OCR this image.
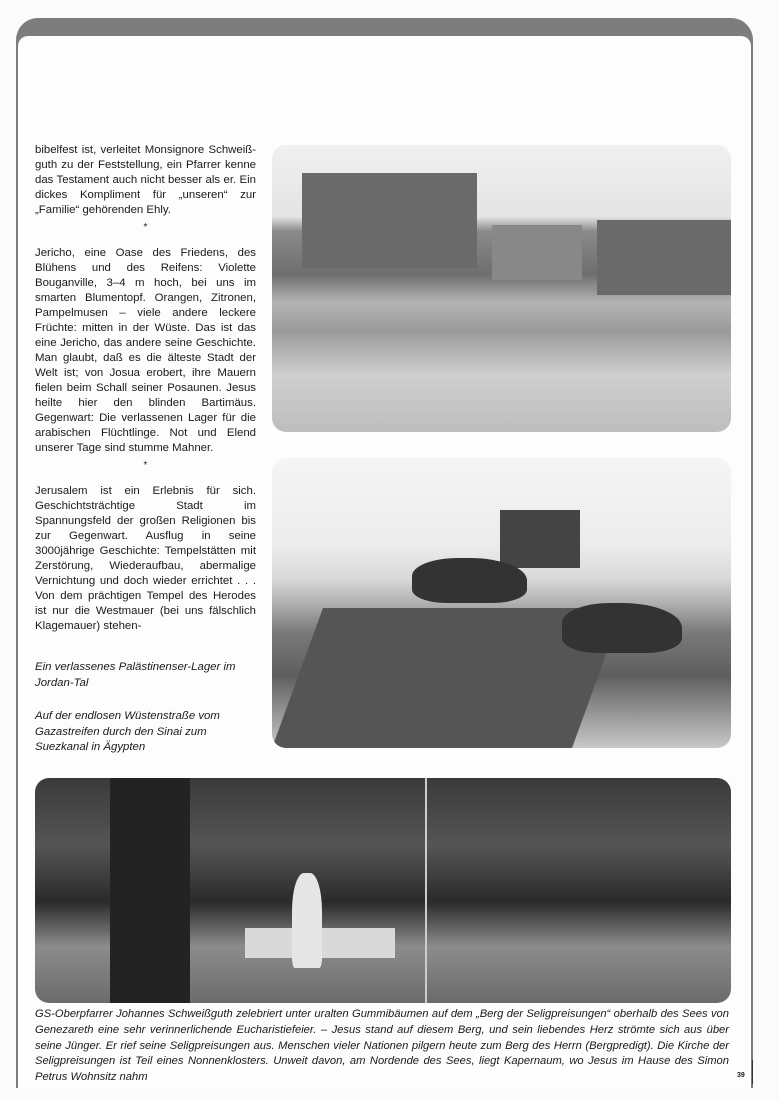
bibelfest ist, verleitet Monsignore Schweiß-guth zu der Feststellung, ein Pfarrer kenne das Testament auch nicht besser als er. Ein dickes Kompliment für „unseren“ zur „Familie“ gehörenden Ehly.

*

Jericho, eine Oase des Friedens, des Blühens und des Reifens: Violette Bouganville, 3–4 m hoch, bei uns im smarten Blumentopf. Orangen, Zitronen, Pampelmusen – viele andere leckere Früchte: mitten in der Wüste. Das ist das eine Jericho, das andere seine Geschichte. Man glaubt, daß es die älteste Stadt der Welt ist; von Josua erobert, ihre Mauern fielen beim Schall seiner Posaunen. Jesus heilte hier den blinden Bartimäus. Gegenwart: Die verlassenen Lager für die arabischen Flüchtlinge. Not und Elend unserer Tage sind stumme Mahner.

*

Jerusalem ist ein Erlebnis für sich. Geschichtsträchtige Stadt im Spannungsfeld der großen Religionen bis zur Gegenwart. Ausflug in seine 3000jährige Geschichte: Tempelstätten mit Zerstörung, Wiederaufbau, abermalige Vernichtung und doch wieder errichtet . . . Von dem prächtigen Tempel des Herodes ist nur die Westmauer (bei uns fälschlich Klagemauer) stehen-

Ein verlassenes Palästinenser-Lager im Jordan-Tal
Auf der endlosen Wüstenstraße vom Gazastreifen durch den Sinai zum Suezkanal in Ägypten
GS-Oberpfarrer Johannes Schweißguth zelebriert unter uralten Gummibäumen auf dem „Berg der Seligpreisungen“ oberhalb des Sees von Genezareth eine sehr verinnerlichende Eucharistiefeier. – Jesus stand auf diesem Berg, und sein liebendes Herz strömte sich aus über seine Jünger. Er rief seine Seligpreisungen aus. Menschen vieler Nationen pilgern heute zum Berg des Herrn (Bergpredigt). Die Kirche der Seligpreisungen ist Teil eines Nonnenklosters. Unweit davon, am Nordende des Sees, liegt Kapernaum, wo Jesus im Hause des Simon Petrus Wohnsitz nahm	39
